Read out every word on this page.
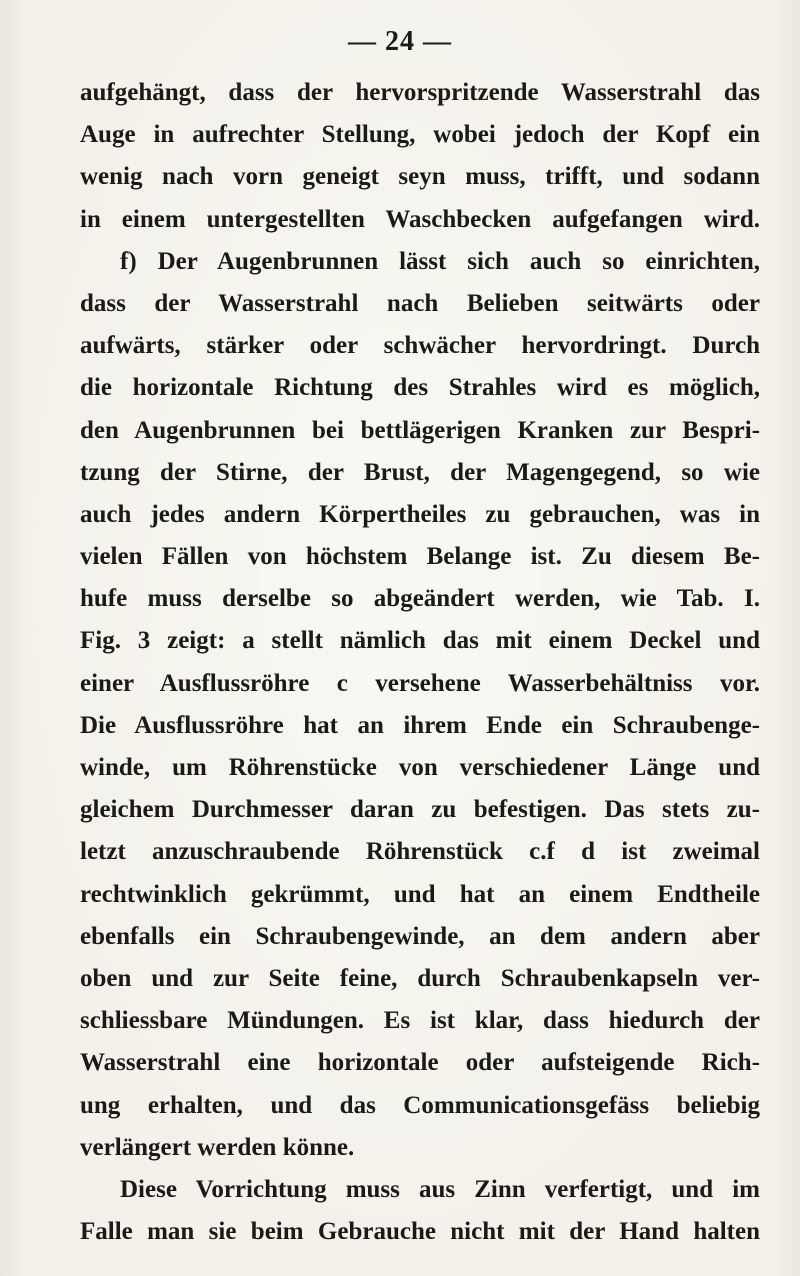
— 24 —

aufgehängt, dass der hervorspritzende Wasserstrahl das
Auge in aufrechter Stellung, wobei jedoch der Kopf ein
wenig nach vorn geneigt seyn muss, trifft, und sodann
in einem untergestellten Waschbecken aufgefangen wird.
f) Der Augenbrunnen lässt sich auch so einrichten,
dass der Wasserstrahl nach Belieben seitwärts oder
aufwärts, stärker oder schwächer hervordringt. Durch
die horizontale Richtung des Strahles wird es möglich,
den Augenbrunnen bei bettlägerigen Kranken zur Bespri-
tzung der Stirne, der Brust, der Magengegend, so wie
auch jedes andern Körpertheiles zu gebrauchen, was in
vielen Fällen von höchstem Belange ist. Zu diesem Be-
hufe muss derselbe so abgeändert werden, wie Tab. I.
Fig. 3 zeigt: a stellt nämlich das mit einem Deckel und
einer Ausflussröhre c versehene Wasserbehältniss vor.
Die Ausflussröhre hat an ihrem Ende ein Schraubenge-
winde, um Röhrenstücke von verschiedener Länge und
gleichem Durchmesser daran zu befestigen. Das stets zu-
letzt anzuschraubende Röhrenstück c.f d ist zweimal
rechtwinklich gekrümmt, und hat an einem Endtheile
ebenfalls ein Schraubengewinde, an dem andern aber
oben und zur Seite feine, durch Schraubenkapseln ver-
schliessbare Mündungen. Es ist klar, dass hiedurch der
Wasserstrahl eine horizontale oder aufsteigende Rich-
ung erhalten, und das Communicationsgefäss beliebig
verlängert werden könne.
Diese Vorrichtung muss aus Zinn verfertigt, und im
Falle man sie beim Gebrauche nicht mit der Hand halten
